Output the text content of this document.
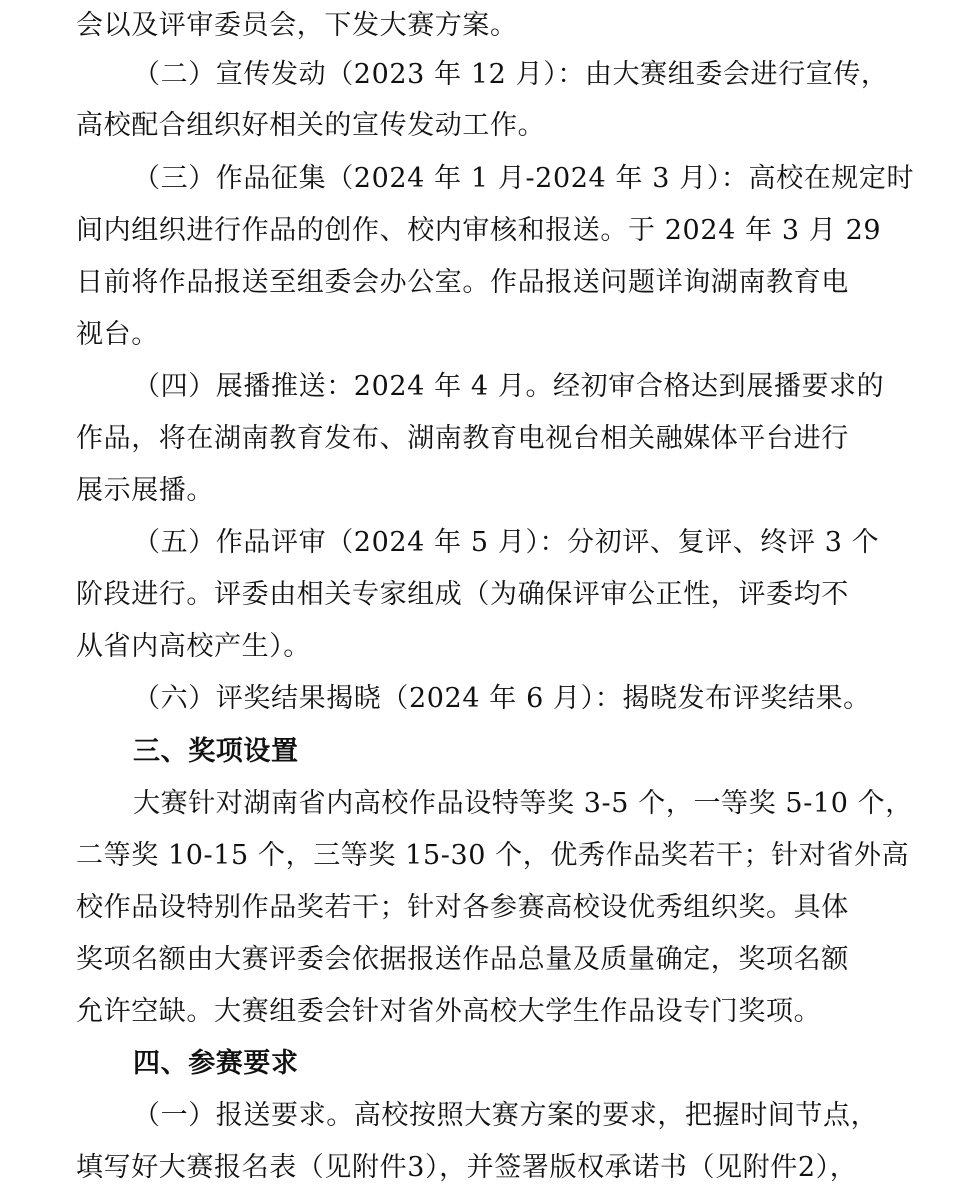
会以及评审委员会，下发大赛方案。
（二）宣传发动（2023 年 12 月）：由大赛组委会进行宣传，
高校配合组织好相关的宣传发动工作。
（三）作品征集（2024 年 1 月-2024 年 3 月）：高校在规定时
间内组织进行作品的创作、校内审核和报送。于 2024 年 3 月 29
日前将作品报送至组委会办公室。作品报送问题详询湖南教育电
视台。
（四）展播推送：2024 年 4 月。经初审合格达到展播要求的
作品，将在湖南教育发布、湖南教育电视台相关融媒体平台进行
展示展播。
（五）作品评审（2024 年 5 月）：分初评、复评、终评 3 个
阶段进行。评委由相关专家组成（为确保评审公正性，评委均不
从省内高校产生）。
（六）评奖结果揭晓（2024 年 6 月）：揭晓发布评奖结果。
三、奖项设置
大赛针对湖南省内高校作品设特等奖 3-5 个，一等奖 5-10 个，
二等奖 10-15 个，三等奖 15-30 个，优秀作品奖若干；针对省外高
校作品设特别作品奖若干；针对各参赛高校设优秀组织奖。具体
奖项名额由大赛评委会依据报送作品总量及质量确定，奖项名额
允许空缺。大赛组委会针对省外高校大学生作品设专门奖项。
四、参赛要求
（一）报送要求。高校按照大赛方案的要求，把握时间节点，
填写好大赛报名表（见附件3），并签署版权承诺书（见附件2），
